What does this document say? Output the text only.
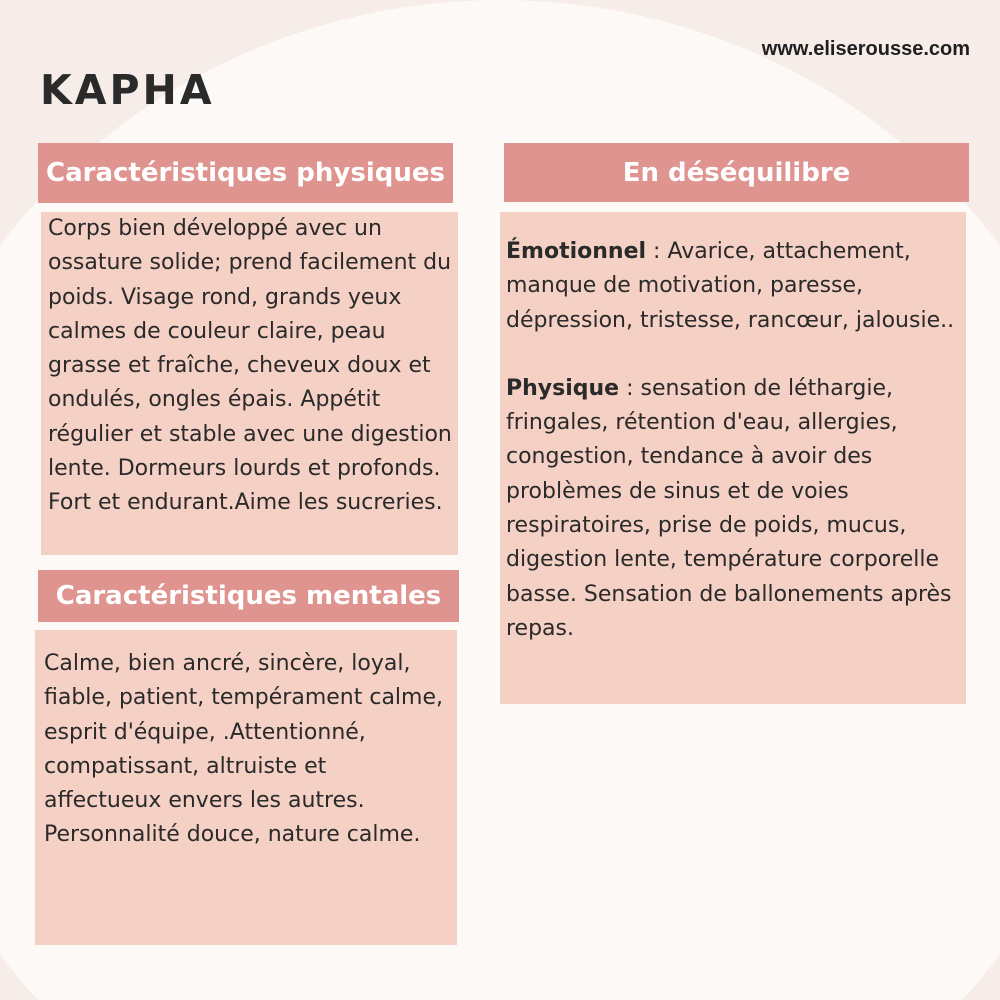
www.eliserousse.com
KAPHA
Caractéristiques physiques

Corps bien développé avec un ossature solide; prend facilement du poids. Visage rond, grands yeux calmes de couleur claire, peau grasse et fraîche, cheveux doux et ondulés, ongles épais. Appétit régulier et stable avec une digestion lente. Dormeurs lourds et profonds. Fort et endurant.Aime les sucreries.

Caractéristiques mentales

Calme, bien ancré, sincère, loyal, fiable, patient, tempérament calme, esprit d'équipe, .Attentionné, compatissant, altruiste et affectueux envers les autres. Personnalité douce, nature calme.

En déséquilibre

Émotionnel : Avarice, attachement, manque de motivation, paresse, dépression, tristesse, rancœur, jalousie..

Physique : sensation de léthargie, fringales, rétention d'eau, allergies, congestion, tendance à avoir des problèmes de sinus et de voies respiratoires, prise de poids, mucus, digestion lente, température corporelle basse. Sensation de ballonements après repas.
